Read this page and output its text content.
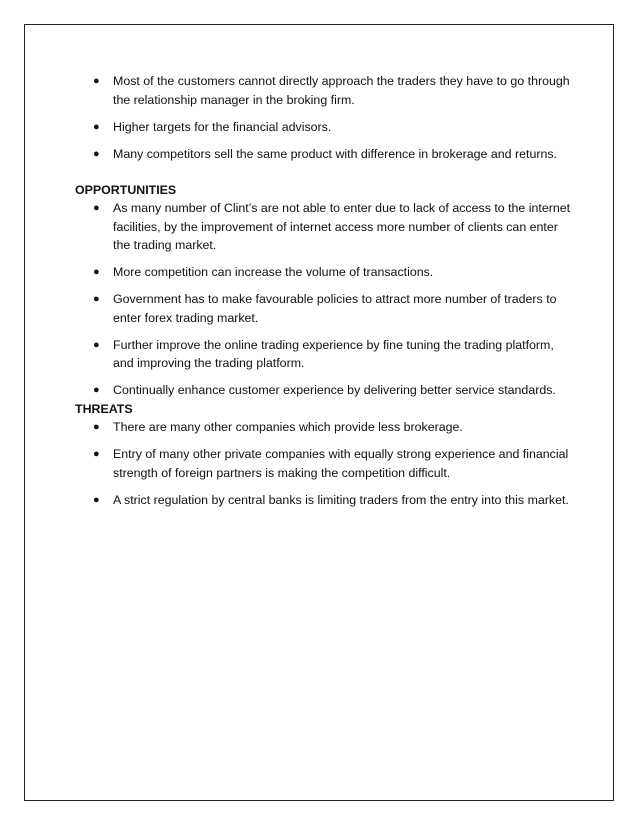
● Most of the customers cannot directly approach the traders they have to go through the relationship manager in the broking firm.
● Higher targets for the financial advisors.
● Many competitors sell the same product with difference in brokerage and returns.

OPPORTUNITIES

● As many number of Clint’s are not able to enter due to lack of access to the internet facilities, by the improvement of internet access more number of clients can enter the trading market.
● More competition can increase the volume of transactions.
● Government has to make favourable policies to attract more number of traders to enter forex trading market.
● Further improve the online trading experience by fine tuning the trading platform, and improving the trading platform.
● Continually enhance customer experience by delivering better service standards.

THREATS

● There are many other companies which provide less brokerage.
● Entry of many other private companies with equally strong experience and financial strength of foreign partners is making the competition difficult.
● A strict regulation by central banks is limiting traders from the entry into this market.
